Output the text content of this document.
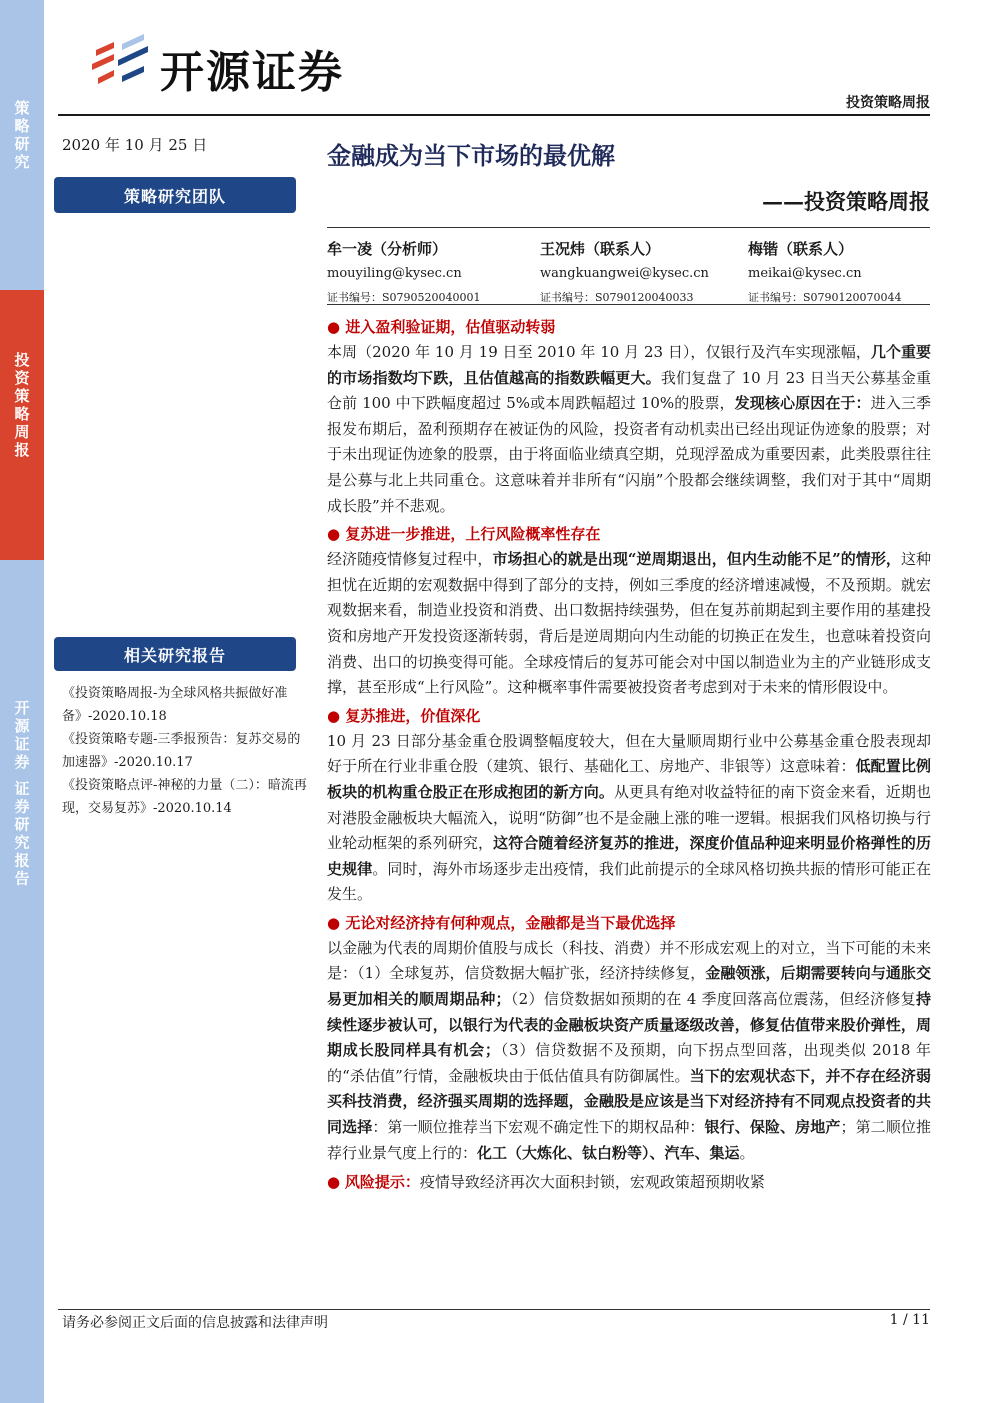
策略研究
投资策略周报
开源证券 证券研究报告
开源证券
投资策略周报
2020 年 10 月 25 日
策略研究团队
金融成为当下市场的最优解
——投资策略周报
牟一凌（分析师）
mouyiling@kysec.cn
证书编号：S0790520040001
王况炜（联系人）
wangkuangwei@kysec.cn
证书编号：S0790120040033
梅锴（联系人）
meikai@kysec.cn
证书编号：S0790120070044
相关研究报告
《投资策略周报-为全球风格共振做好准备》-2020.10.18
《投资策略专题-三季报预告：复苏交易的加速器》-2020.10.17
《投资策略点评-神秘的力量（二）：暗流再现，交易复苏》-2020.10.14
● 进入盈利验证期，估值驱动转弱
本周（2020 年 10 月 19 日至 2010 年 10 月 23 日），仅银行及汽车实现涨幅，几个重要的市场指数均下跌，且估值越高的指数跌幅更大。我们复盘了 10 月 23 日当天公募基金重仓前 100 中下跌幅度超过 5%或本周跌幅超过 10%的股票，发现核心原因在于：进入三季报发布期后，盈利预期存在被证伪的风险，投资者有动机卖出已经出现证伪迹象的股票；对于未出现证伪迹象的股票，由于将面临业绩真空期，兑现浮盈成为重要因素，此类股票往往是公募与北上共同重仓。这意味着并非所有“闪崩”个股都会继续调整，我们对于其中“周期成长股”并不悲观。
● 复苏进一步推进，上行风险概率性存在
经济随疫情修复过程中，市场担心的就是出现“逆周期退出，但内生动能不足”的情形，这种担忧在近期的宏观数据中得到了部分的支持，例如三季度的经济增速减慢，不及预期。就宏观数据来看，制造业投资和消费、出口数据持续强势，但在复苏前期起到主要作用的基建投资和房地产开发投资逐渐转弱，背后是逆周期向内生动能的切换正在发生，也意味着投资向消费、出口的切换变得可能。全球疫情后的复苏可能会对中国以制造业为主的产业链形成支撑，甚至形成“上行风险”。这种概率事件需要被投资者考虑到对于未来的情形假设中。
● 复苏推进，价值深化
10 月 23 日部分基金重仓股调整幅度较大，但在大量顺周期行业中公募基金重仓股表现却好于所在行业非重仓股（建筑、银行、基础化工、房地产、非银等）这意味着：低配置比例板块的机构重仓股正在形成抱团的新方向。从更具有绝对收益特征的南下资金来看，近期也对港股金融板块大幅流入，说明“防御”也不是金融上涨的唯一逻辑。根据我们风格切换与行业轮动框架的系列研究，这符合随着经济复苏的推进，深度价值品种迎来明显价格弹性的历史规律。同时，海外市场逐步走出疫情，我们此前提示的全球风格切换共振的情形可能正在发生。
● 无论对经济持有何种观点，金融都是当下最优选择
以金融为代表的周期价值股与成长（科技、消费）并不形成宏观上的对立，当下可能的未来是：（1）全球复苏，信贷数据大幅扩张，经济持续修复，金融领涨，后期需要转向与通胀交易更加相关的顺周期品种；（2）信贷数据如预期的在 4 季度回落高位震荡，但经济修复持续性逐步被认可，以银行为代表的金融板块资产质量逐级改善，修复估值带来股价弹性，周期成长股同样具有机会；（3）信贷数据不及预期，向下拐点型回落，出现类似 2018 年的“杀估值”行情，金融板块由于低估值具有防御属性。当下的宏观状态下，并不存在经济弱买科技消费，经济强买周期的选择题，金融股是应该是当下对经济持有不同观点投资者的共同选择：第一顺位推荐当下宏观不确定性下的期权品种：银行、保险、房地产；第二顺位推荐行业景气度上行的：化工（大炼化、钛白粉等）、汽车、集运。
● 风险提示：疫情导致经济再次大面积封锁，宏观政策超预期收紧
请务必参阅正文后面的信息披露和法律声明	1 / 11
